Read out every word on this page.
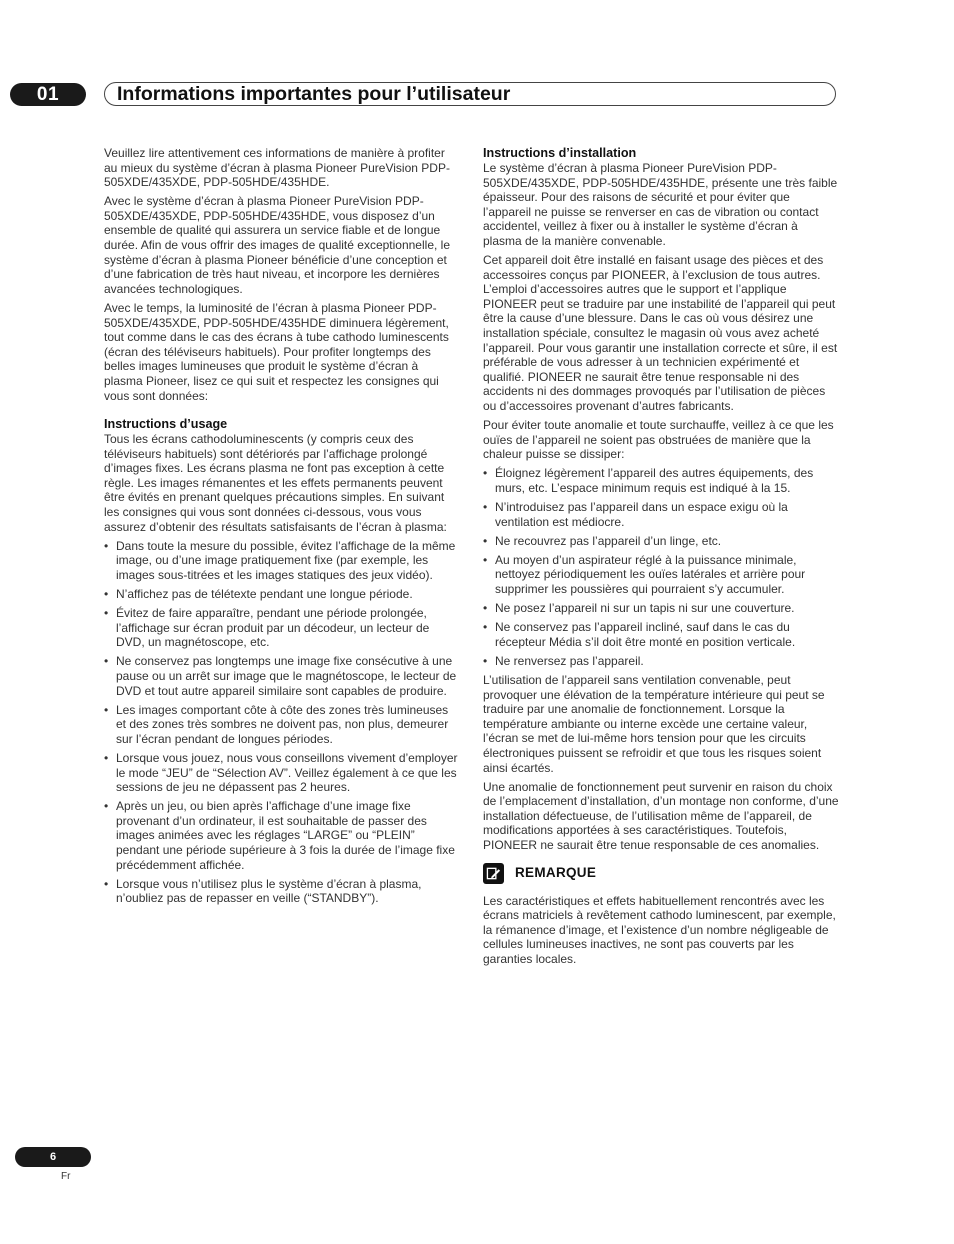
01	Informations importantes pour l’utilisateur

Veuillez lire attentivement ces informations de manière à profiter au mieux du système d’écran à plasma Pioneer PureVision PDP-505XDE/435XDE, PDP-505HDE/435HDE.

Avec le système d’écran à plasma Pioneer PureVision PDP-505XDE/435XDE, PDP-505HDE/435HDE, vous disposez d’un ensemble de qualité qui assurera un service fiable et de longue durée. Afin de vous offrir des images de qualité exceptionnelle, le système d’écran à plasma Pioneer bénéficie d’une conception et d’une fabrication de très haut niveau, et incorpore les dernières avancées technologiques.

Avec le temps, la luminosité de l’écran à plasma Pioneer PDP-505XDE/435XDE, PDP-505HDE/435HDE diminuera légèrement, tout comme dans le cas des écrans à tube cathodo luminescents (écran des téléviseurs habituels). Pour profiter longtemps des belles images lumineuses que produit le système d’écran à plasma Pioneer, lisez ce qui suit et respectez les consignes qui vous sont données:

Instructions d’usage

Tous les écrans cathodoluminescents (y compris ceux des téléviseurs habituels) sont détériorés par l’affichage prolongé d’images fixes. Les écrans plasma ne font pas exception à cette règle. Les images rémanentes et les effets permanents peuvent être évités en prenant quelques précautions simples. En suivant les consignes qui vous sont données ci-dessous, vous vous assurez d’obtenir des résultats satisfaisants de l’écran à plasma:

• Dans toute la mesure du possible, évitez l’affichage de la même image, ou d’une image pratiquement fixe (par exemple, les images sous-titrées et les images statiques des jeux vidéo).
• N’affichez pas de télétexte pendant une longue période.
• Évitez de faire apparaître, pendant une période prolongée, l’affichage sur écran produit par un décodeur, un lecteur de DVD, un magnétoscope, etc.
• Ne conservez pas longtemps une image fixe consécutive à une pause ou un arrêt sur image que le magnétoscope, le lecteur de DVD et tout autre appareil similaire sont capables de produire.
• Les images comportant côte à côte des zones très lumineuses et des zones très sombres ne doivent pas, non plus, demeurer sur l’écran pendant de longues périodes.
• Lorsque vous jouez, nous vous conseillons vivement d’employer le mode “JEU” de “Sélection AV”. Veillez également à ce que les sessions de jeu ne dépassent pas 2 heures.
• Après un jeu, ou bien après l’affichage d’une image fixe provenant d’un ordinateur, il est souhaitable de passer des images animées avec les réglages “LARGE” ou “PLEIN” pendant une période supérieure à 3 fois la durée de l’image fixe précédemment affichée.
• Lorsque vous n’utilisez plus le système d’écran à plasma, n’oubliez pas de repasser en veille (“STANDBY”).
Instructions d’installation

Le système d’écran à plasma Pioneer PureVision PDP-505XDE/435XDE, PDP-505HDE/435HDE, présente une très faible épaisseur. Pour des raisons de sécurité et pour éviter que l’appareil ne puisse se renverser en cas de vibration ou contact accidentel, veillez à fixer ou à installer le système d’écran à plasma de la manière convenable.

Cet appareil doit être installé en faisant usage des pièces et des accessoires conçus par PIONEER, à l’exclusion de tous autres. L’emploi d’accessoires autres que le support et l’applique PIONEER peut se traduire par une instabilité de l’appareil qui peut être la cause d’une blessure. Dans le cas où vous désirez une installation spéciale, consultez le magasin où vous avez acheté l’appareil. Pour vous garantir une installation correcte et sûre, il est préférable de vous adresser à un technicien expérimenté et qualifié. PIONEER ne saurait être tenue responsable ni des accidents ni des dommages provoqués par l’utilisation de pièces ou d’accessoires provenant d’autres fabricants.

Pour éviter toute anomalie et toute surchauffe, veillez à ce que les ouïes de l’appareil ne soient pas obstruées de manière que la chaleur puisse se dissiper:

• Éloignez légèrement l’appareil des autres équipements, des murs, etc. L’espace minimum requis est indiqué à la 15.
• N’introduisez pas l’appareil dans un espace exigu où la ventilation est médiocre.
• Ne recouvrez pas l’appareil d’un linge, etc.
• Au moyen d’un aspirateur réglé à la puissance minimale, nettoyez périodiquement les ouïes latérales et arrière pour supprimer les poussières qui pourraient s’y accumuler.
• Ne posez l’appareil ni sur un tapis ni sur une couverture.
• Ne conservez pas l’appareil incliné, sauf dans le cas du récepteur Média s’il doit être monté en position verticale.
• Ne renversez pas l’appareil.

L’utilisation de l’appareil sans ventilation convenable, peut provoquer une élévation de la température intérieure qui peut se traduire par une anomalie de fonctionnement. Lorsque la température ambiante ou interne excède une certaine valeur, l’écran se met de lui-même hors tension pour que les circuits électroniques puissent se refroidir et que tous les risques soient ainsi écartés.

Une anomalie de fonctionnement peut survenir en raison du choix de l’emplacement d’installation, d’un montage non conforme, d’une installation défectueuse, de l’utilisation même de l’appareil, de modifications apportées à ses caractéristiques. Toutefois, PIONEER ne saurait être tenue responsable de ces anomalies.

REMARQUE

Les caractéristiques et effets habituellement rencontrés avec les écrans matriciels à revêtement cathodo luminescent, par exemple, la rémanence d’image, et l’existence d’un nombre négligeable de cellules lumineuses inactives, ne sont pas couverts par les garanties locales.

6
Fr
